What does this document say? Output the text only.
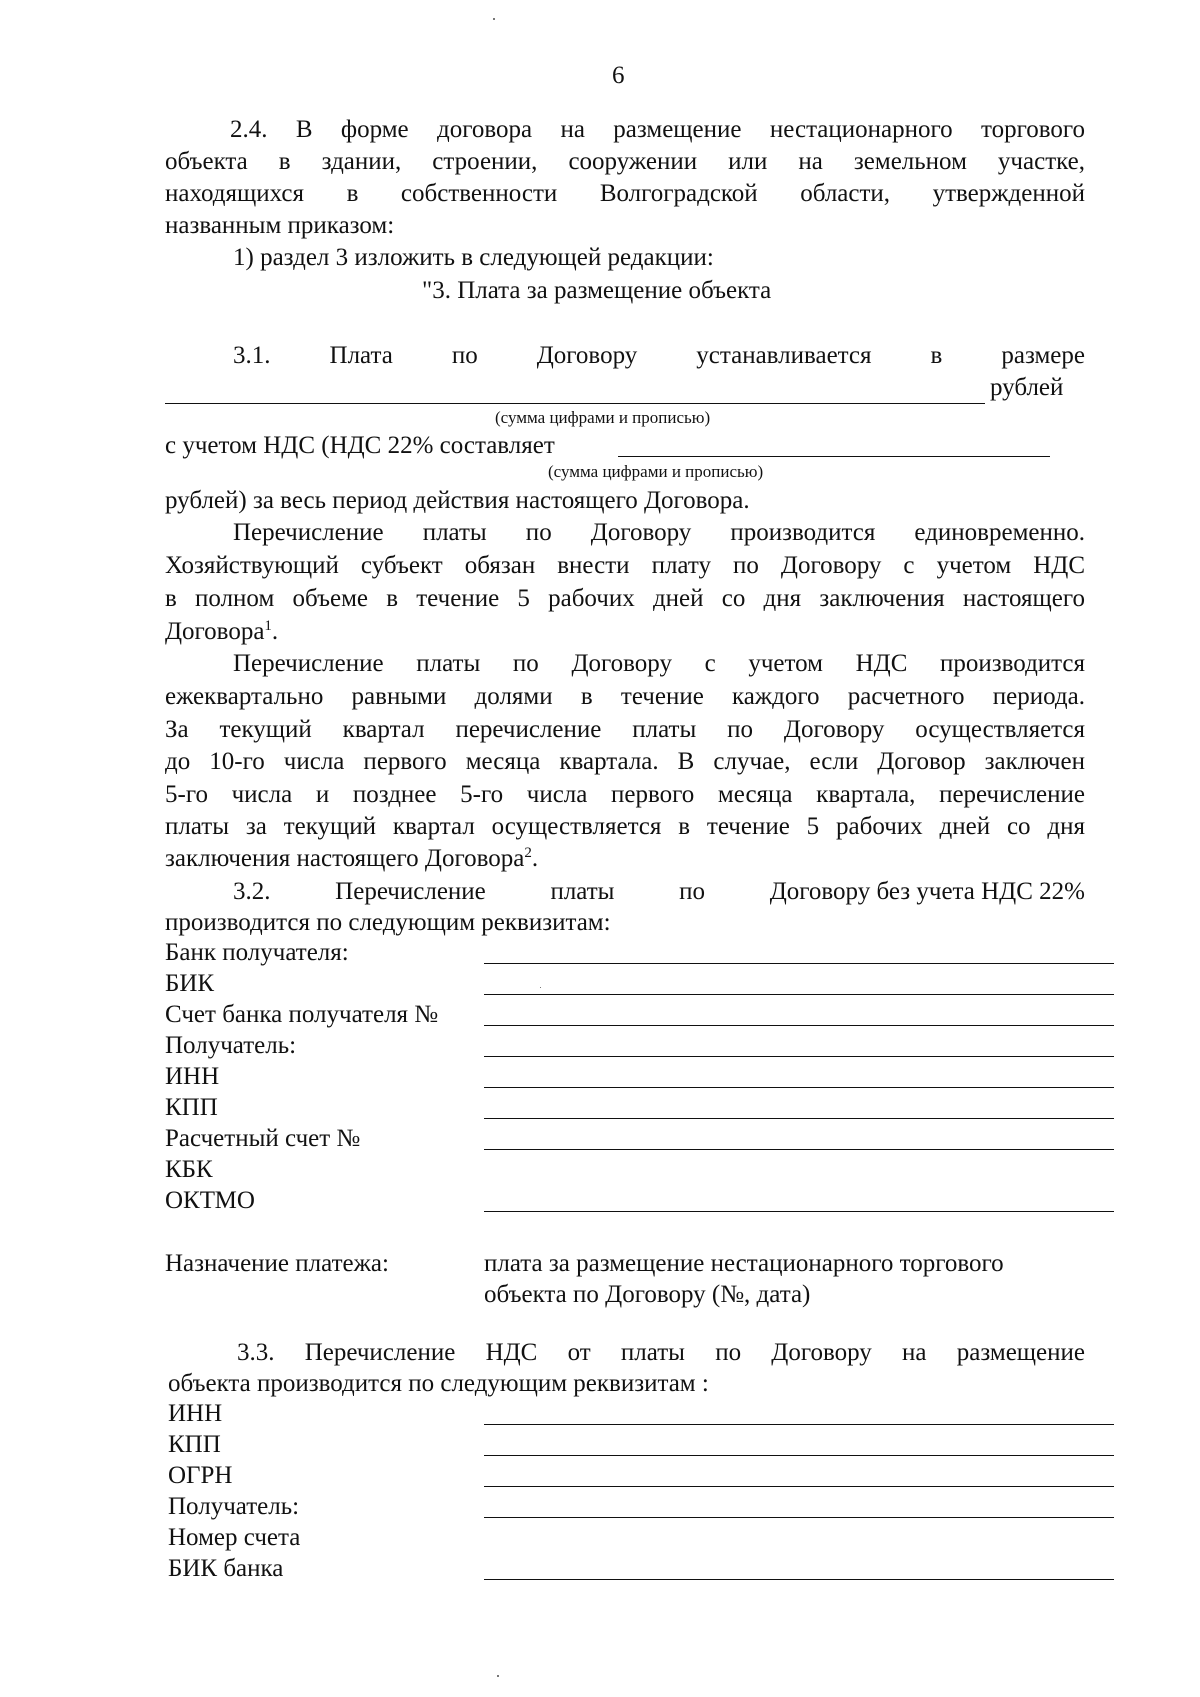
6
2.4. В форме договора на размещение нестационарного торгового
объекта в здании, строении, сооружении или на земельном участке,
находящихся в собственности Волгоградской области, утвержденной
названным приказом:
1) раздел 3 изложить в следующей редакции:
"3. Плата за размещение объекта
3.1. Плата по Договору устанавливается в размере
рублей
(сумма цифрами и прописью)
с учетом НДС (НДС 22% составляет
(сумма цифрами и прописью)
рублей) за весь период действия настоящего Договора.
Перечисление платы по Договору производится единовременно.
Хозяйствующий субъект обязан внести плату по Договору с учетом НДС
в полном объеме в течение 5 рабочих дней со дня заключения настоящего
Договора$^1$.
Перечисление платы по Договору с учетом НДС производится
ежеквартально равными долями в течение каждого расчетного периода.
За текущий квартал перечисление платы по Договору осуществляется
до 10-го числа первого месяца квартала. В случае, если Договор заключен
5-го числа и позднее 5-го числа первого месяца квартала, перечисление
платы за текущий квартал осуществляется в течение 5 рабочих дней со дня
заключения настоящего Договора$^2$.
3.2.	Перечисление	платы	по	Договору без учета НДС 22%
производится по следующим реквизитам:
Банк получателя:
БИК
Счет банка получателя №
Получатель:
ИНН
КПП
Расчетный счет №
КБК
ОКТМО
Назначение платежа:	плата за размещение нестационарного торгового
объекта по Договору (№, дата)
3.3. Перечисление НДС от платы по Договору на размещение
объекта производится по следующим реквизитам :
ИНН
КПП
ОГРН
Получатель:
Номер счета
БИК банка
